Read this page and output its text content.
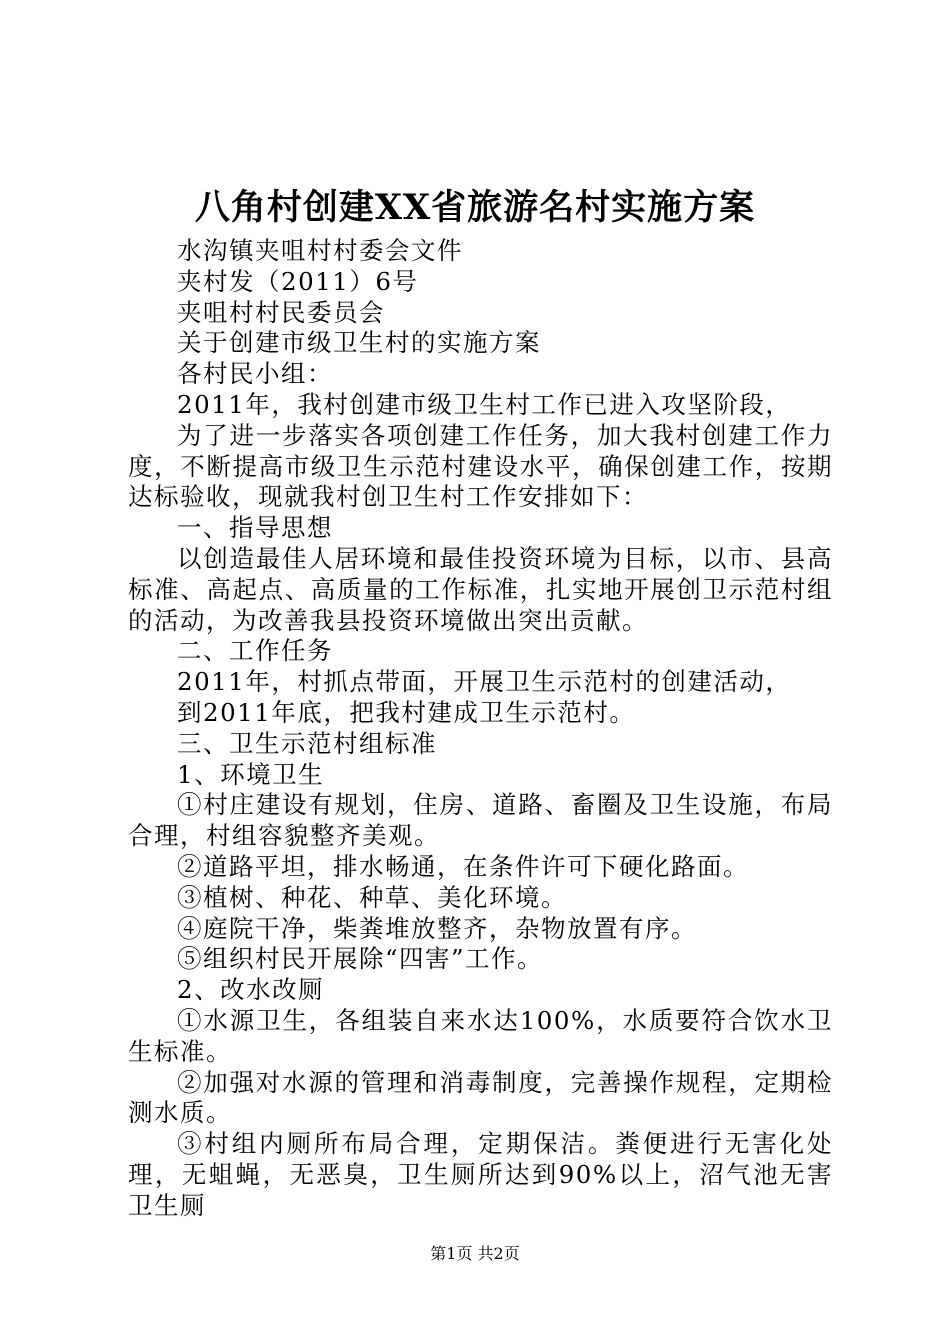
八角村创建XX省旅游名村实施方案

水沟镇夹咀村村委会文件

夹村发（2011）6号

夹咀村村民委员会

关于创建市级卫生村的实施方案

各村民小组：

2011年，我村创建市级卫生村工作已进入攻坚阶段，

为了进一步落实各项创建工作任务，加大我村创建工作力度，不断提高市级卫生示范村建设水平，确保创建工作，按期达标验收，现就我村创卫生村工作安排如下：

一、指导思想

以创造最佳人居环境和最佳投资环境为目标，以市、县高标准、高起点、高质量的工作标准，扎实地开展创卫示范村组的活动，为改善我县投资环境做出突出贡献。

二、工作任务

2011年，村抓点带面，开展卫生示范村的创建活动，

到2011年底，把我村建成卫生示范村。

三、卫生示范村组标准

1、环境卫生

①村庄建设有规划，住房、道路、畜圈及卫生设施，布局合理，村组容貌整齐美观。

②道路平坦，排水畅通，在条件许可下硬化路面。

③植树、种花、种草、美化环境。

④庭院干净，柴粪堆放整齐，杂物放置有序。

⑤组织村民开展除“四害”工作。

2、改水改厕

①水源卫生，各组装自来水达100%，水质要符合饮水卫生标准。

②加强对水源的管理和消毒制度，完善操作规程，定期检测水质。

③村组内厕所布局合理，定期保洁。粪便进行无害化处理，无蛆蝇，无恶臭，卫生厕所达到90%以上，沼气池无害卫生厕

第1页 共2页
